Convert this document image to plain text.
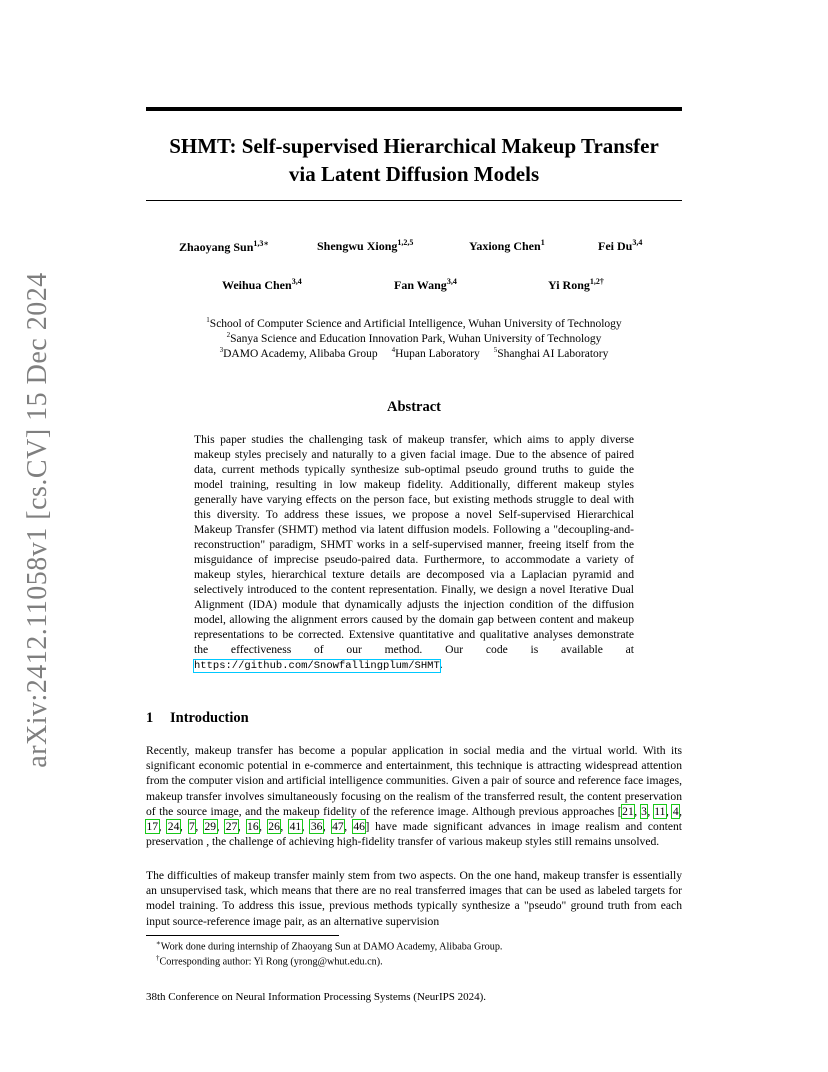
arXiv:2412.11058v1 [cs.CV] 15 Dec 2024
SHMT: Self-supervised Hierarchical Makeup Transfer
via Latent Diffusion Models
Zhaoyang Sun$^{1,3∗}$	Shengwu Xiong$^{1,2,5}$	Yaxiong Chen$^1$	Fei Du$^{3,4}$
Weihua Chen$^{3,4}$	Fan Wang$^{3,4}$	Yi Rong$^{1,2\dagger}$
$^1$School of Computer Science and Artificial Intelligence, Wuhan University of Technology
$^2$Sanya Science and Education Innovation Park, Wuhan University of Technology
$^3$DAMO Academy, Alibaba Group $^4$Hupan Laboratory $^5$Shanghai AI Laboratory
Abstract
This paper studies the challenging task of makeup transfer, which aims to apply diverse makeup styles precisely and naturally to a given facial image. Due to the absence of paired data, current methods typically synthesize sub-optimal pseudo ground truths to guide the model training, resulting in low makeup fidelity. Additionally, different makeup styles generally have varying effects on the person face, but existing methods struggle to deal with this diversity. To address these issues, we propose a novel Self-supervised Hierarchical Makeup Transfer (SHMT) method via latent diffusion models. Following a "decoupling-and-reconstruction" paradigm, SHMT works in a self-supervised manner, freeing itself from the misguidance of imprecise pseudo-paired data. Furthermore, to accommodate a variety of makeup styles, hierarchical texture details are decomposed via a Laplacian pyramid and selectively introduced to the content representation. Finally, we design a novel Iterative Dual Alignment (IDA) module that dynamically adjusts the injection condition of the diffusion model, allowing the alignment errors caused by the domain gap between content and makeup representations to be corrected. Extensive quantitative and qualitative analyses demonstrate the effectiveness of our method. Our code is available at https://github.com/Snowfallingplum/SHMT.
1 Introduction
Recently, makeup transfer has become a popular application in social media and the virtual world. With its significant economic potential in e-commerce and entertainment, this technique is attracting widespread attention from the computer vision and artificial intelligence communities. Given a pair of source and reference face images, makeup transfer involves simultaneously focusing on the realism of the transferred result, the content preservation of the source image, and the makeup fidelity of the reference image. Although previous approaches [21, 3, 11, 4, 17, 24, 7, 29, 27, 16, 26, 41, 36, 47, 46] have made significant advances in image realism and content preservation , the challenge of achieving high-fidelity transfer of various makeup styles still remains unsolved.
The difficulties of makeup transfer mainly stem from two aspects. On the one hand, makeup transfer is essentially an unsupervised task, which means that there are no real transferred images that can be used as labeled targets for model training. To address this issue, previous methods typically synthesize a "pseudo" ground truth from each input source-reference image pair, as an alternative supervision
∗Work done during internship of Zhaoyang Sun at DAMO Academy, Alibaba Group.
†Corresponding author: Yi Rong (yrong@whut.edu.cn).
38th Conference on Neural Information Processing Systems (NeurIPS 2024).
